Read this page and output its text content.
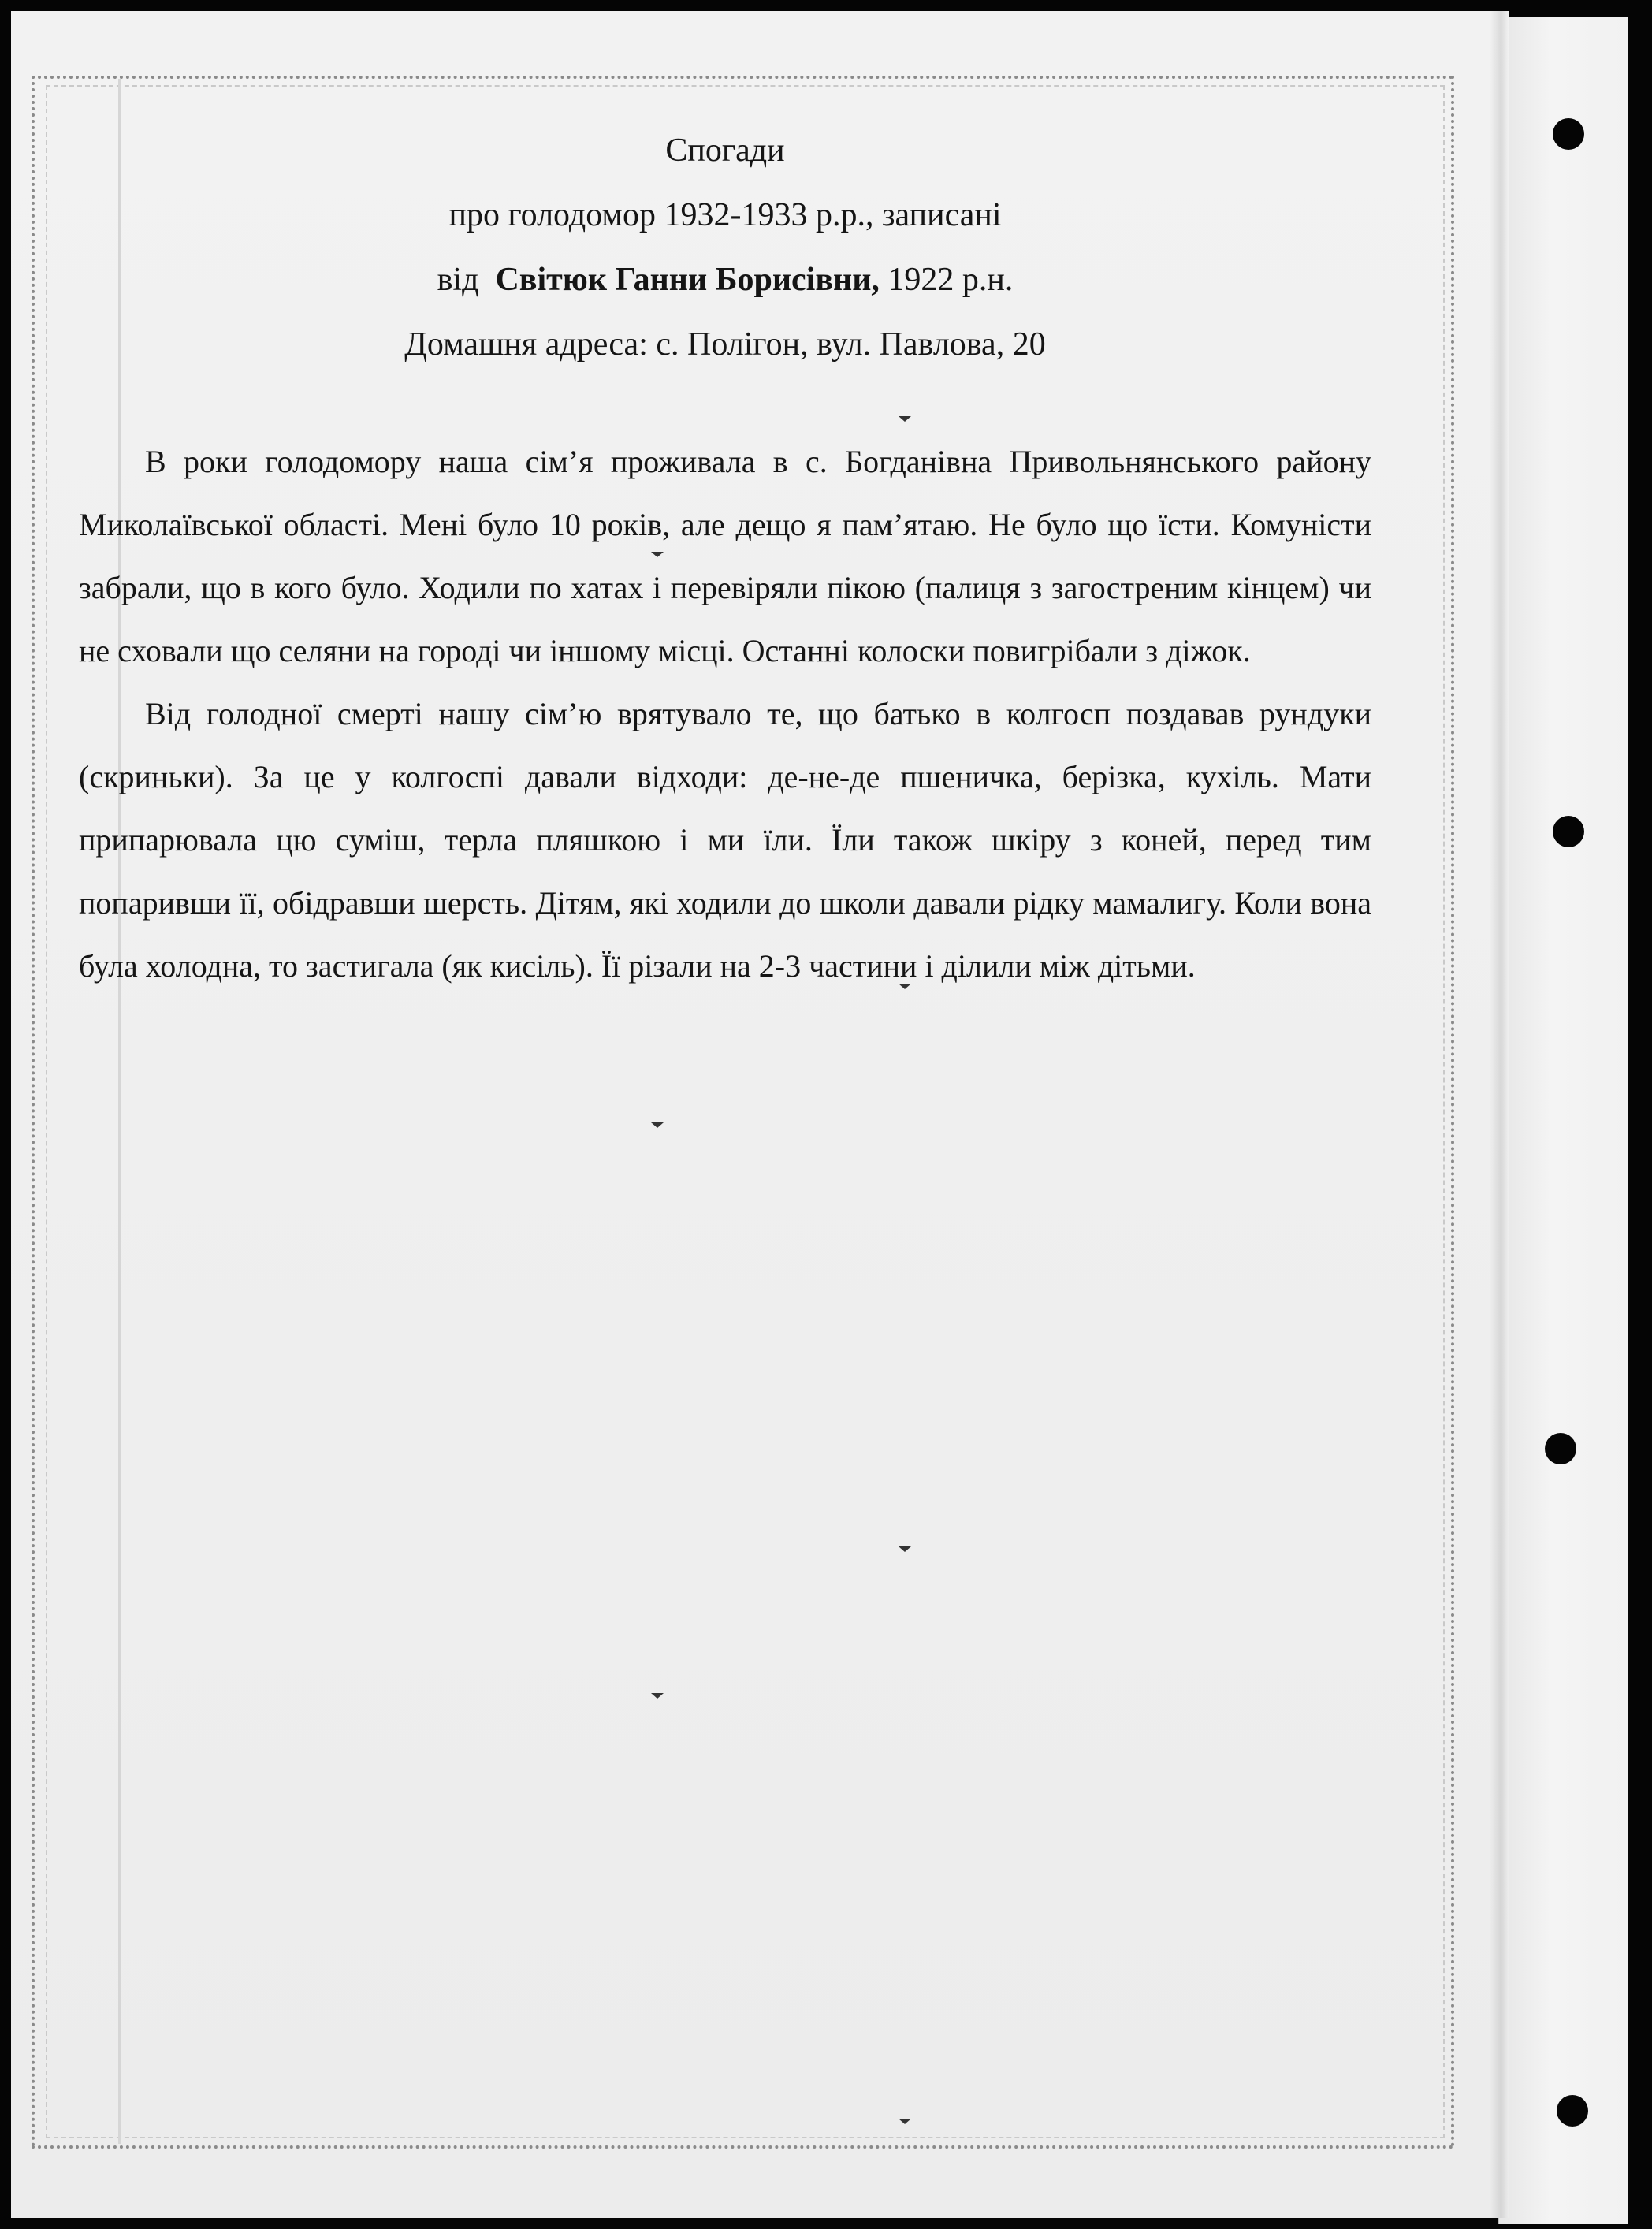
Спогади
про голодомор 1932-1933 р.р., записані
від Світюк Ганни Борисівни, 1922 р.н.
Домашня адреса: с. Полігон, вул. Павлова, 20

В роки голодомору наша сім’я проживала в с. Богданівна Привольнянського району Миколаївської області. Мені було 10 років, але дещо я пам’ятаю. Не було що їсти. Комуністи забрали, що в кого було. Ходили по хатах і перевіряли пікою (палиця з загостреним кінцем) чи не сховали що селяни на городі чи іншому місці. Останні колоски повигрібали з діжок.

Від голодної смерті нашу сім’ю врятувало те, що батько в колгосп поздавав рундуки (скриньки). За це у колгоспі давали відходи: де-не-де пшеничка, берізка, кухіль. Мати припарювала цю суміш, терла пляшкою і ми їли. Їли також шкіру з коней, перед тим попаривши її, обідравши шерсть. Дітям, які ходили до школи давали рідку мамалигу. Коли вона була холодна, то застигала (як кисіль). Її різали на 2-3 частини і ділили між дітьми.
